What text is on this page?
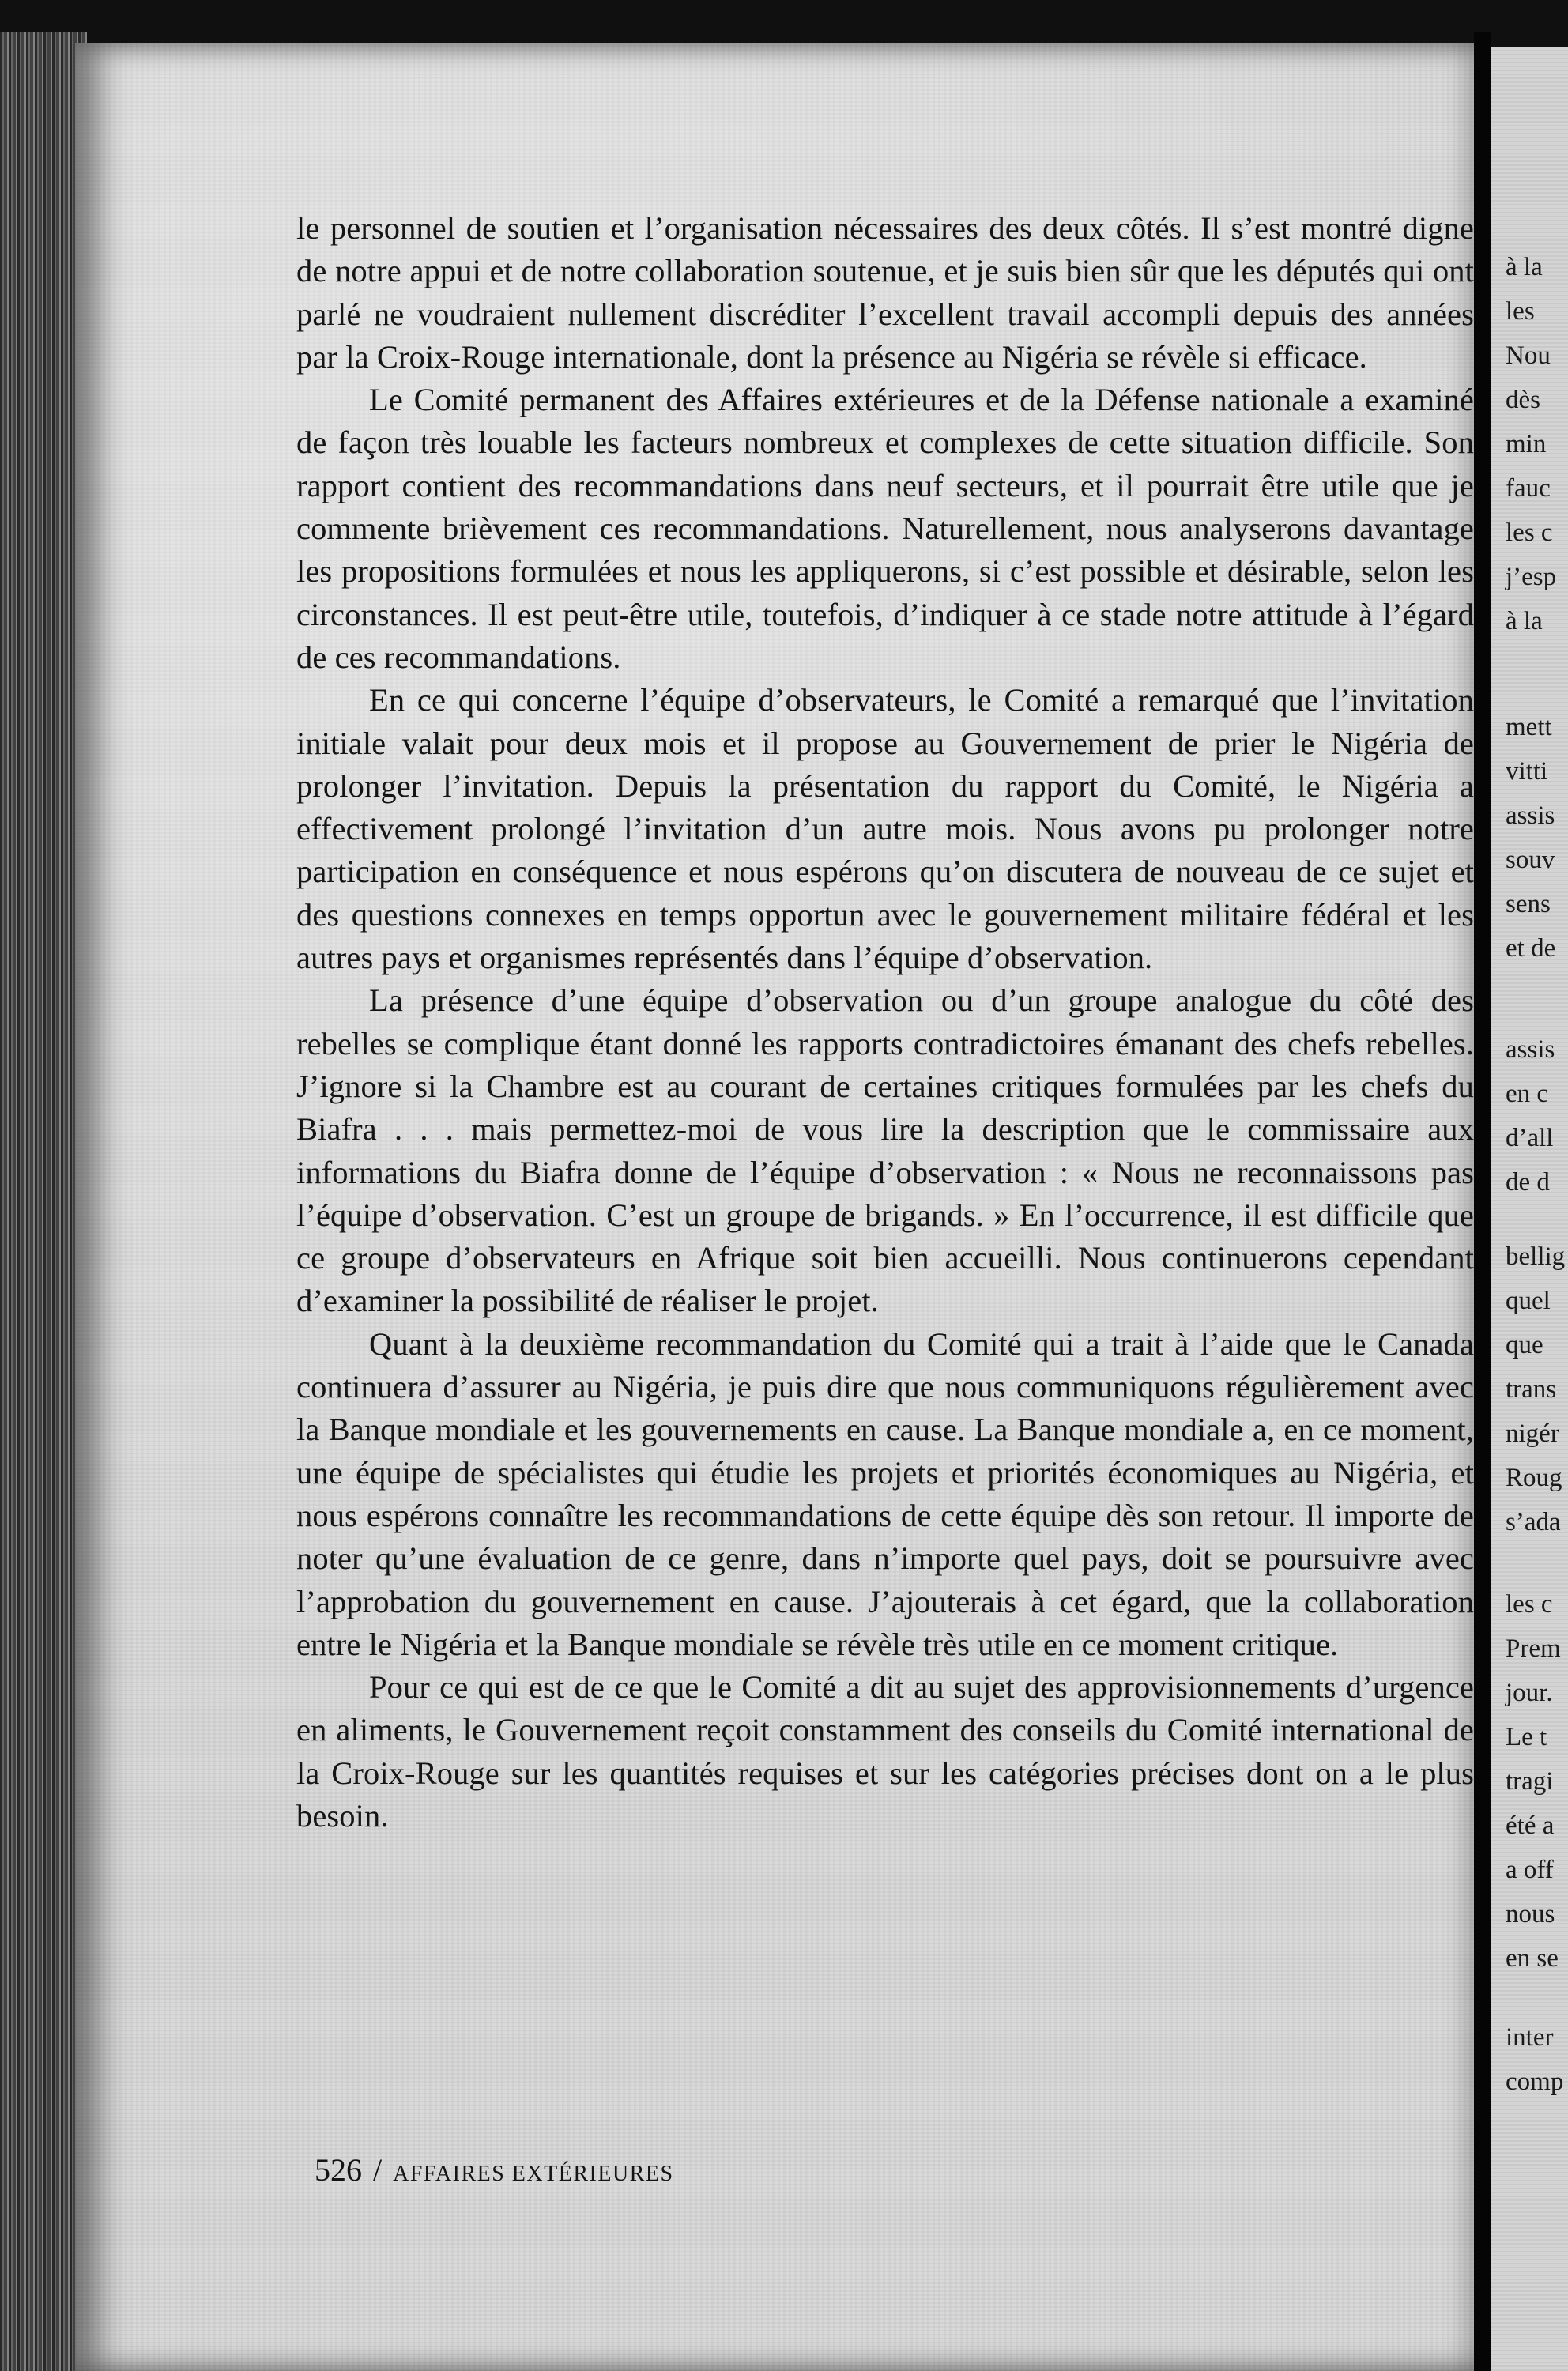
le personnel de soutien et l’organisation nécessaires des deux côtés. Il s’est montré digne de notre appui et de notre collaboration soutenue, et je suis bien sûr que les députés qui ont parlé ne voudraient nullement discréditer l’excellent travail accompli depuis des années par la Croix-Rouge internationale, dont la présence au Nigéria se révèle si efficace.

Le Comité permanent des Affaires extérieures et de la Défense nationale a examiné de façon très louable les facteurs nombreux et complexes de cette situation difficile. Son rapport contient des recommandations dans neuf secteurs, et il pourrait être utile que je commente brièvement ces recommandations. Naturellement, nous analyserons davantage les propositions formulées et nous les appliquerons, si c’est possible et désirable, selon les circonstances. Il est peut-être utile, toutefois, d’indiquer à ce stade notre attitude à l’égard de ces recommandations.

En ce qui concerne l’équipe d’observateurs, le Comité a remarqué que l’invitation initiale valait pour deux mois et il propose au Gouvernement de prier le Nigéria de prolonger l’invitation. Depuis la présentation du rapport du Comité, le Nigéria a effectivement prolongé l’invitation d’un autre mois. Nous avons pu prolonger notre participation en conséquence et nous espérons qu’on discutera de nouveau de ce sujet et des questions connexes en temps opportun avec le gouvernement militaire fédéral et les autres pays et organismes représentés dans l’équipe d’observation.

La présence d’une équipe d’observation ou d’un groupe analogue du côté des rebelles se complique étant donné les rapports contradictoires émanant des chefs rebelles. J’ignore si la Chambre est au courant de certaines critiques formulées par les chefs du Biafra . . . mais permettez-moi de vous lire la description que le commissaire aux informations du Biafra donne de l’équipe d’observation : « Nous ne reconnaissons pas l’équipe d’observation. C’est un groupe de brigands. » En l’occurrence, il est difficile que ce groupe d’observateurs en Afrique soit bien accueilli. Nous continuerons cependant d’examiner la possibilité de réaliser le projet.

Quant à la deuxième recommandation du Comité qui a trait à l’aide que le Canada continuera d’assurer au Nigéria, je puis dire que nous communiquons régulièrement avec la Banque mondiale et les gouvernements en cause. La Banque mondiale a, en ce moment, une équipe de spécialistes qui étudie les projets et priorités économiques au Nigéria, et nous espérons connaître les recommandations de cette équipe dès son retour. Il importe de noter qu’une évaluation de ce genre, dans n’importe quel pays, doit se poursuivre avec l’approbation du gouvernement en cause. J’ajouterais à cet égard, que la collaboration entre le Nigéria et la Banque mondiale se révèle très utile en ce moment critique.

Pour ce qui est de ce que le Comité a dit au sujet des approvisionnements d’urgence en aliments, le Gouvernement reçoit constamment des conseils du Comité international de la Croix-Rouge sur les quantités requises et sur les catégories précises dont on a le plus besoin.

526 / AFFAIRES EXTÉRIEURES
à la
les
Nou
dès
min
fauc
les c
j’esp
à la
mett
vitti
assis
souv
sens
et de
assis
en c
d’all
de d
bellig
quel
que
trans
nigér
Roug
s’ada
les c
Prem
jour.
Le t
tragi
été a
a off
nous
en se
inter
comp
